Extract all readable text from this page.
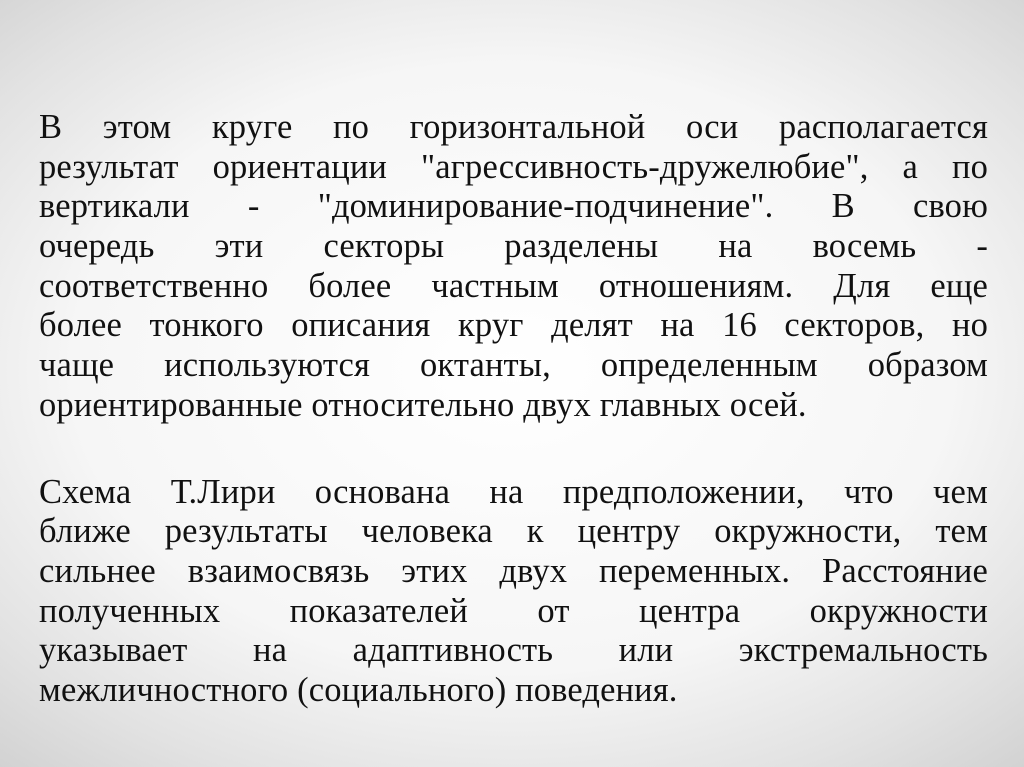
В этом круге по горизонтальной оси располагается
результат ориентации "агрессивность-дружелюбие", а по
вертикали - "доминирование-подчинение". В свою
очередь эти секторы разделены на восемь -
соответственно более частным отношениям. Для еще
более тонкого описания круг делят на 16 секторов, но
чаще используются октанты, определенным образом
ориентированные относительно двух главных осей.

Схема Т.Лири основана на предположении, что чем
ближе результаты человека к центру окружности, тем
сильнее взаимосвязь этих двух переменных. Расстояние
полученных показателей от центра окружности
указывает на адаптивность или экстремальность
межличностного (социального) поведения.
